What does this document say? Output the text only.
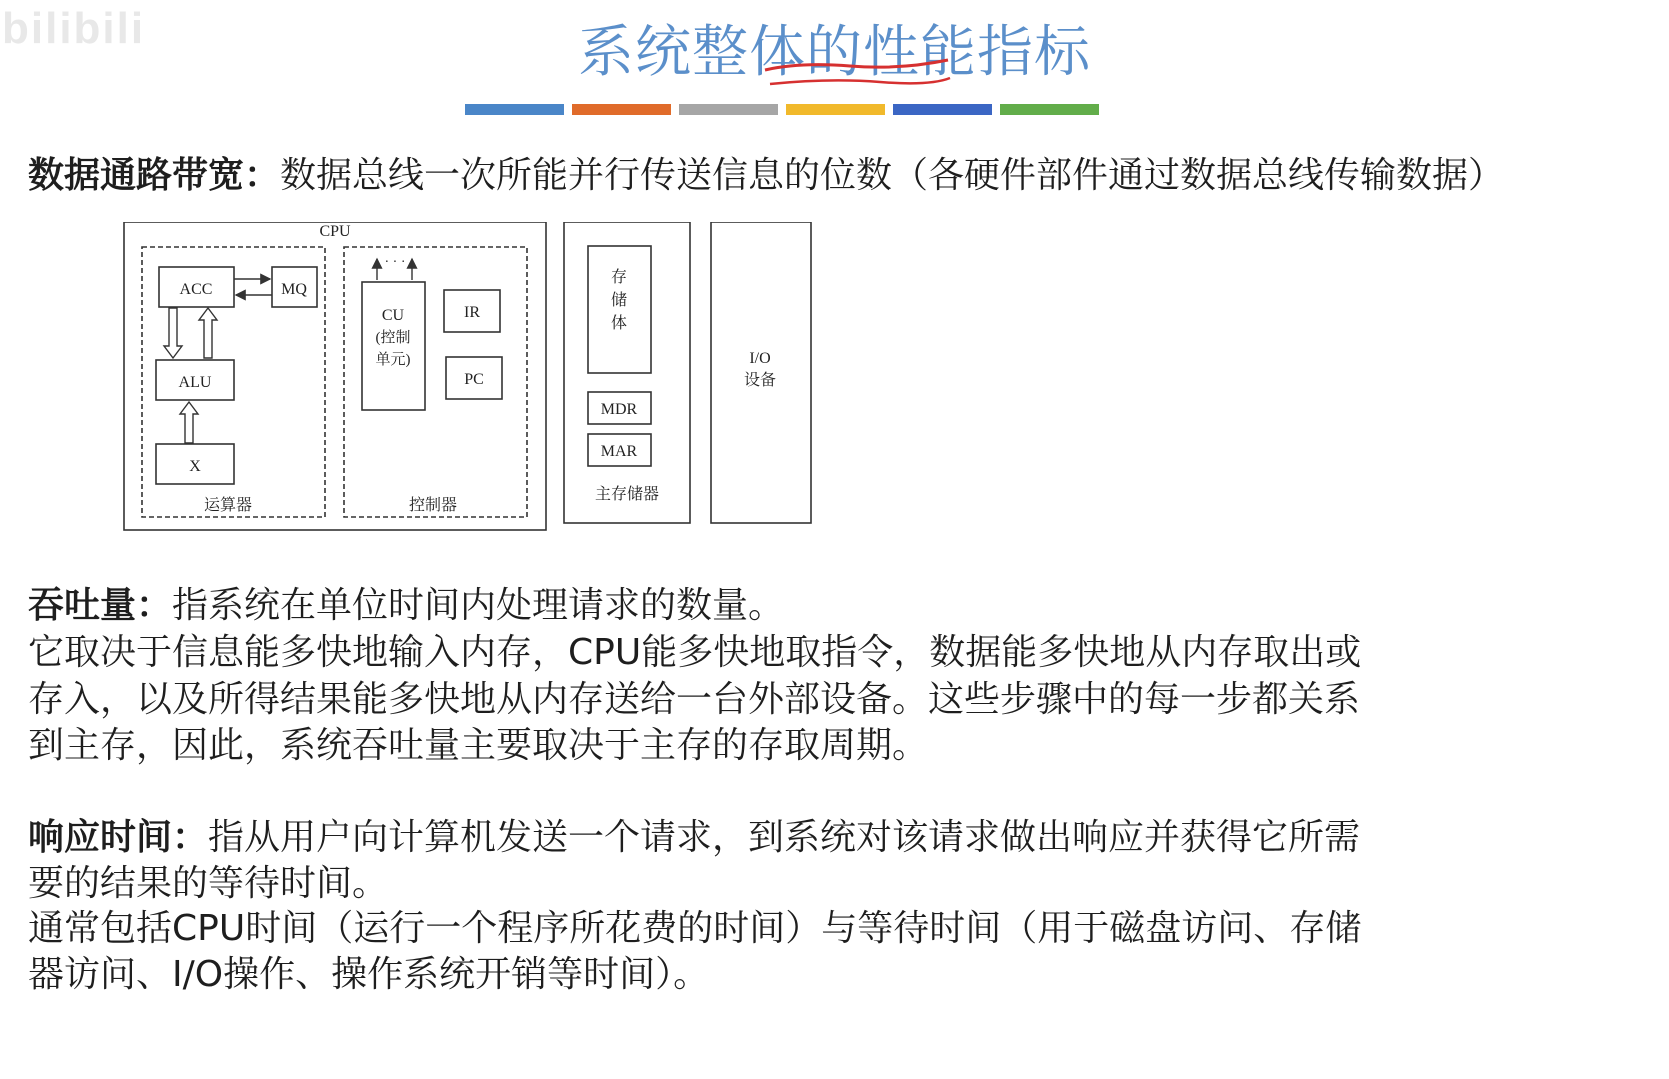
bilibili	系统整体的性能指标

数据通路带宽：数据总线一次所能并行传送信息的位数（各硬件部件通过数据总线传输数据）

CPU
ACC	MQ
ALU
X
运算器
· · ·
CU
(控制
单元)
IR
PC
控制器
存
储
体
MDR
MAR
主存储器
I/O
设备

吞吐量：指系统在单位时间内处理请求的数量。

它取决于信息能多快地输入内存，CPU能多快地取指令，数据能多快地从内存取出或

存入，以及所得结果能多快地从内存送给一台外部设备。这些步骤中的每一步都关系

到主存，因此，系统吞吐量主要取决于主存的存取周期。

响应时间：指从用户向计算机发送一个请求，到系统对该请求做出响应并获得它所需

要的结果的等待时间。

通常包括CPU时间（运行一个程序所花费的时间）与等待时间（用于磁盘访问、存储

器访问、I/O操作、操作系统开销等时间）。
